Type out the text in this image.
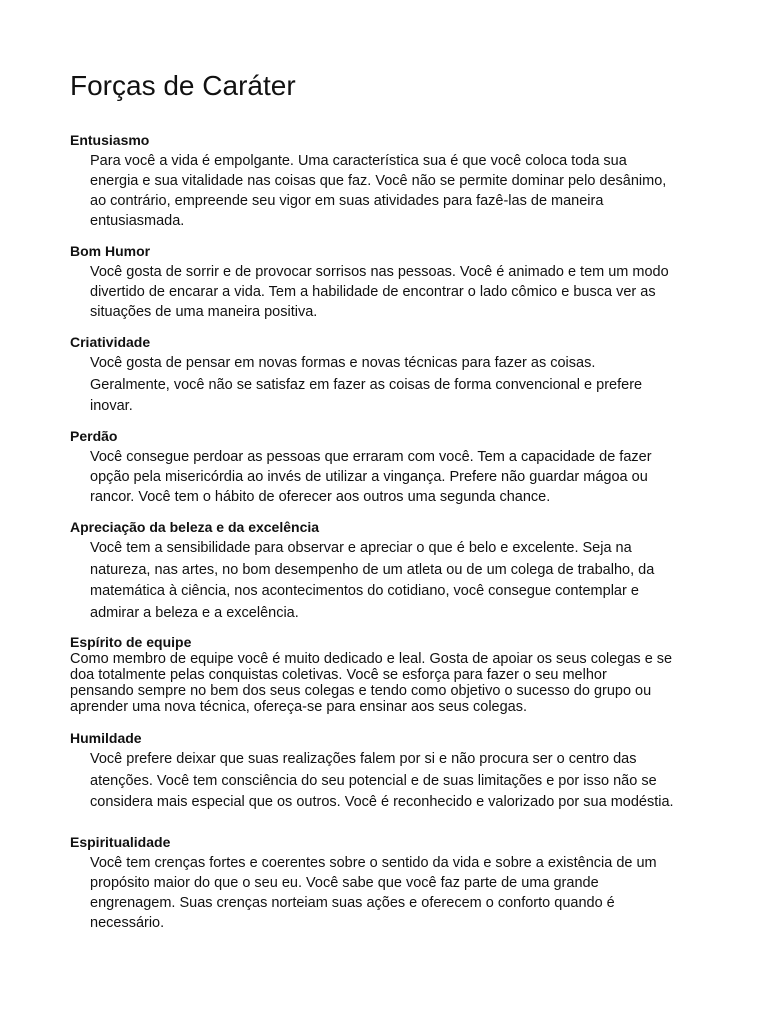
Forças de Caráter
Entusiasmo

Para você a vida é empolgante. Uma característica sua é que você coloca toda sua

energia e sua vitalidade nas coisas que faz. Você não se permite dominar pelo desânimo,

ao contrário, empreende seu vigor em suas atividades para fazê-las de maneira

entusiasmada.

Bom Humor

Você gosta de sorrir e de provocar sorrisos nas pessoas. Você é animado e tem um modo

divertido de encarar a vida. Tem a habilidade de encontrar o lado cômico e busca ver as

situações de uma maneira positiva.

Criatividade

Você gosta de pensar em novas formas e novas técnicas para fazer as coisas.

Geralmente, você não se satisfaz em fazer as coisas de forma convencional e prefere

inovar.

Perdão

Você consegue perdoar as pessoas que erraram com você. Tem a capacidade de fazer

opção pela misericórdia ao invés de utilizar a vingança. Prefere não guardar mágoa ou

rancor. Você tem o hábito de oferecer aos outros uma segunda chance.

Apreciação da beleza e da excelência

Você tem a sensibilidade para observar e apreciar o que é belo e excelente. Seja na

natureza, nas artes, no bom desempenho de um atleta ou de um colega de trabalho, da

matemática à ciência, nos acontecimentos do cotidiano, você consegue contemplar e

admirar a beleza e a excelência.

Espírito de equipe

Como membro de equipe você é muito dedicado e leal. Gosta de apoiar os seus colegas e se

doa totalmente pelas conquistas coletivas. Você se esforça para fazer o seu melhor

pensando sempre no bem dos seus colegas e tendo como objetivo o sucesso do grupo ou

aprender uma nova técnica, ofereça-se para ensinar aos seus colegas.

Humildade

Você prefere deixar que suas realizações falem por si e não procura ser o centro das

atenções. Você tem consciência do seu potencial e de suas limitações e por isso não se

considera mais especial que os outros. Você é reconhecido e valorizado por sua modéstia.

Espiritualidade

Você tem crenças fortes e coerentes sobre o sentido da vida e sobre a existência de um

propósito maior do que o seu eu. Você sabe que você faz parte de uma grande

engrenagem. Suas crenças norteiam suas ações e oferecem o conforto quando é

necessário.
